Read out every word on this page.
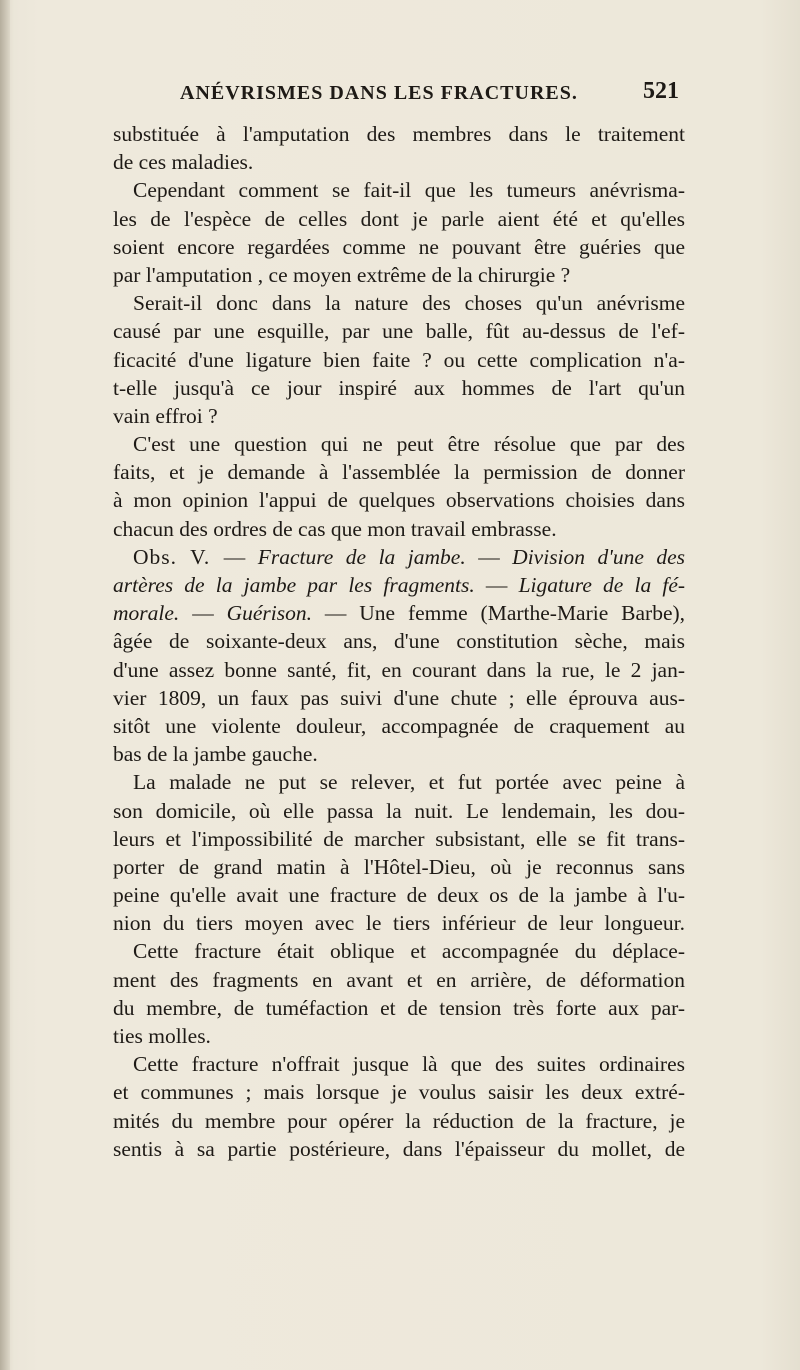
ANÉVRISMES DANS LES FRACTURES.	521
substituée à l'amputation des membres dans le traitement
de ces maladies.
Cependant comment se fait-il que les tumeurs anévrisma-
les de l'espèce de celles dont je parle aient été et qu'elles
soient encore regardées comme ne pouvant être guéries que
par l'amputation , ce moyen extrême de la chirurgie ?
Serait-il donc dans la nature des choses qu'un anévrisme
causé par une esquille, par une balle, fût au-dessus de l'ef-
ficacité d'une ligature bien faite ? ou cette complication n'a-
t-elle jusqu'à ce jour inspiré aux hommes de l'art qu'un
vain effroi ?
C'est une question qui ne peut être résolue que par des
faits, et je demande à l'assemblée la permission de donner
à mon opinion l'appui de quelques observations choisies dans
chacun des ordres de cas que mon travail embrasse.
Obs. V. — Fracture de la jambe. — Division d'une des
artères de la jambe par les fragments. — Ligature de la fé-
morale. — Guérison. — Une femme (Marthe-Marie Barbe),
âgée de soixante-deux ans, d'une constitution sèche, mais
d'une assez bonne santé, fit, en courant dans la rue, le 2 jan-
vier 1809, un faux pas suivi d'une chute ; elle éprouva aus-
sitôt une violente douleur, accompagnée de craquement au
bas de la jambe gauche.
La malade ne put se relever, et fut portée avec peine à
son domicile, où elle passa la nuit. Le lendemain, les dou-
leurs et l'impossibilité de marcher subsistant, elle se fit trans-
porter de grand matin à l'Hôtel-Dieu, où je reconnus sans
peine qu'elle avait une fracture de deux os de la jambe à l'u-
nion du tiers moyen avec le tiers inférieur de leur longueur.
Cette fracture était oblique et accompagnée du déplace-
ment des fragments en avant et en arrière, de déformation
du membre, de tuméfaction et de tension très forte aux par-
ties molles.
Cette fracture n'offrait jusque là que des suites ordinaires
et communes ; mais lorsque je voulus saisir les deux extré-
mités du membre pour opérer la réduction de la fracture, je
sentis à sa partie postérieure, dans l'épaisseur du mollet, de
